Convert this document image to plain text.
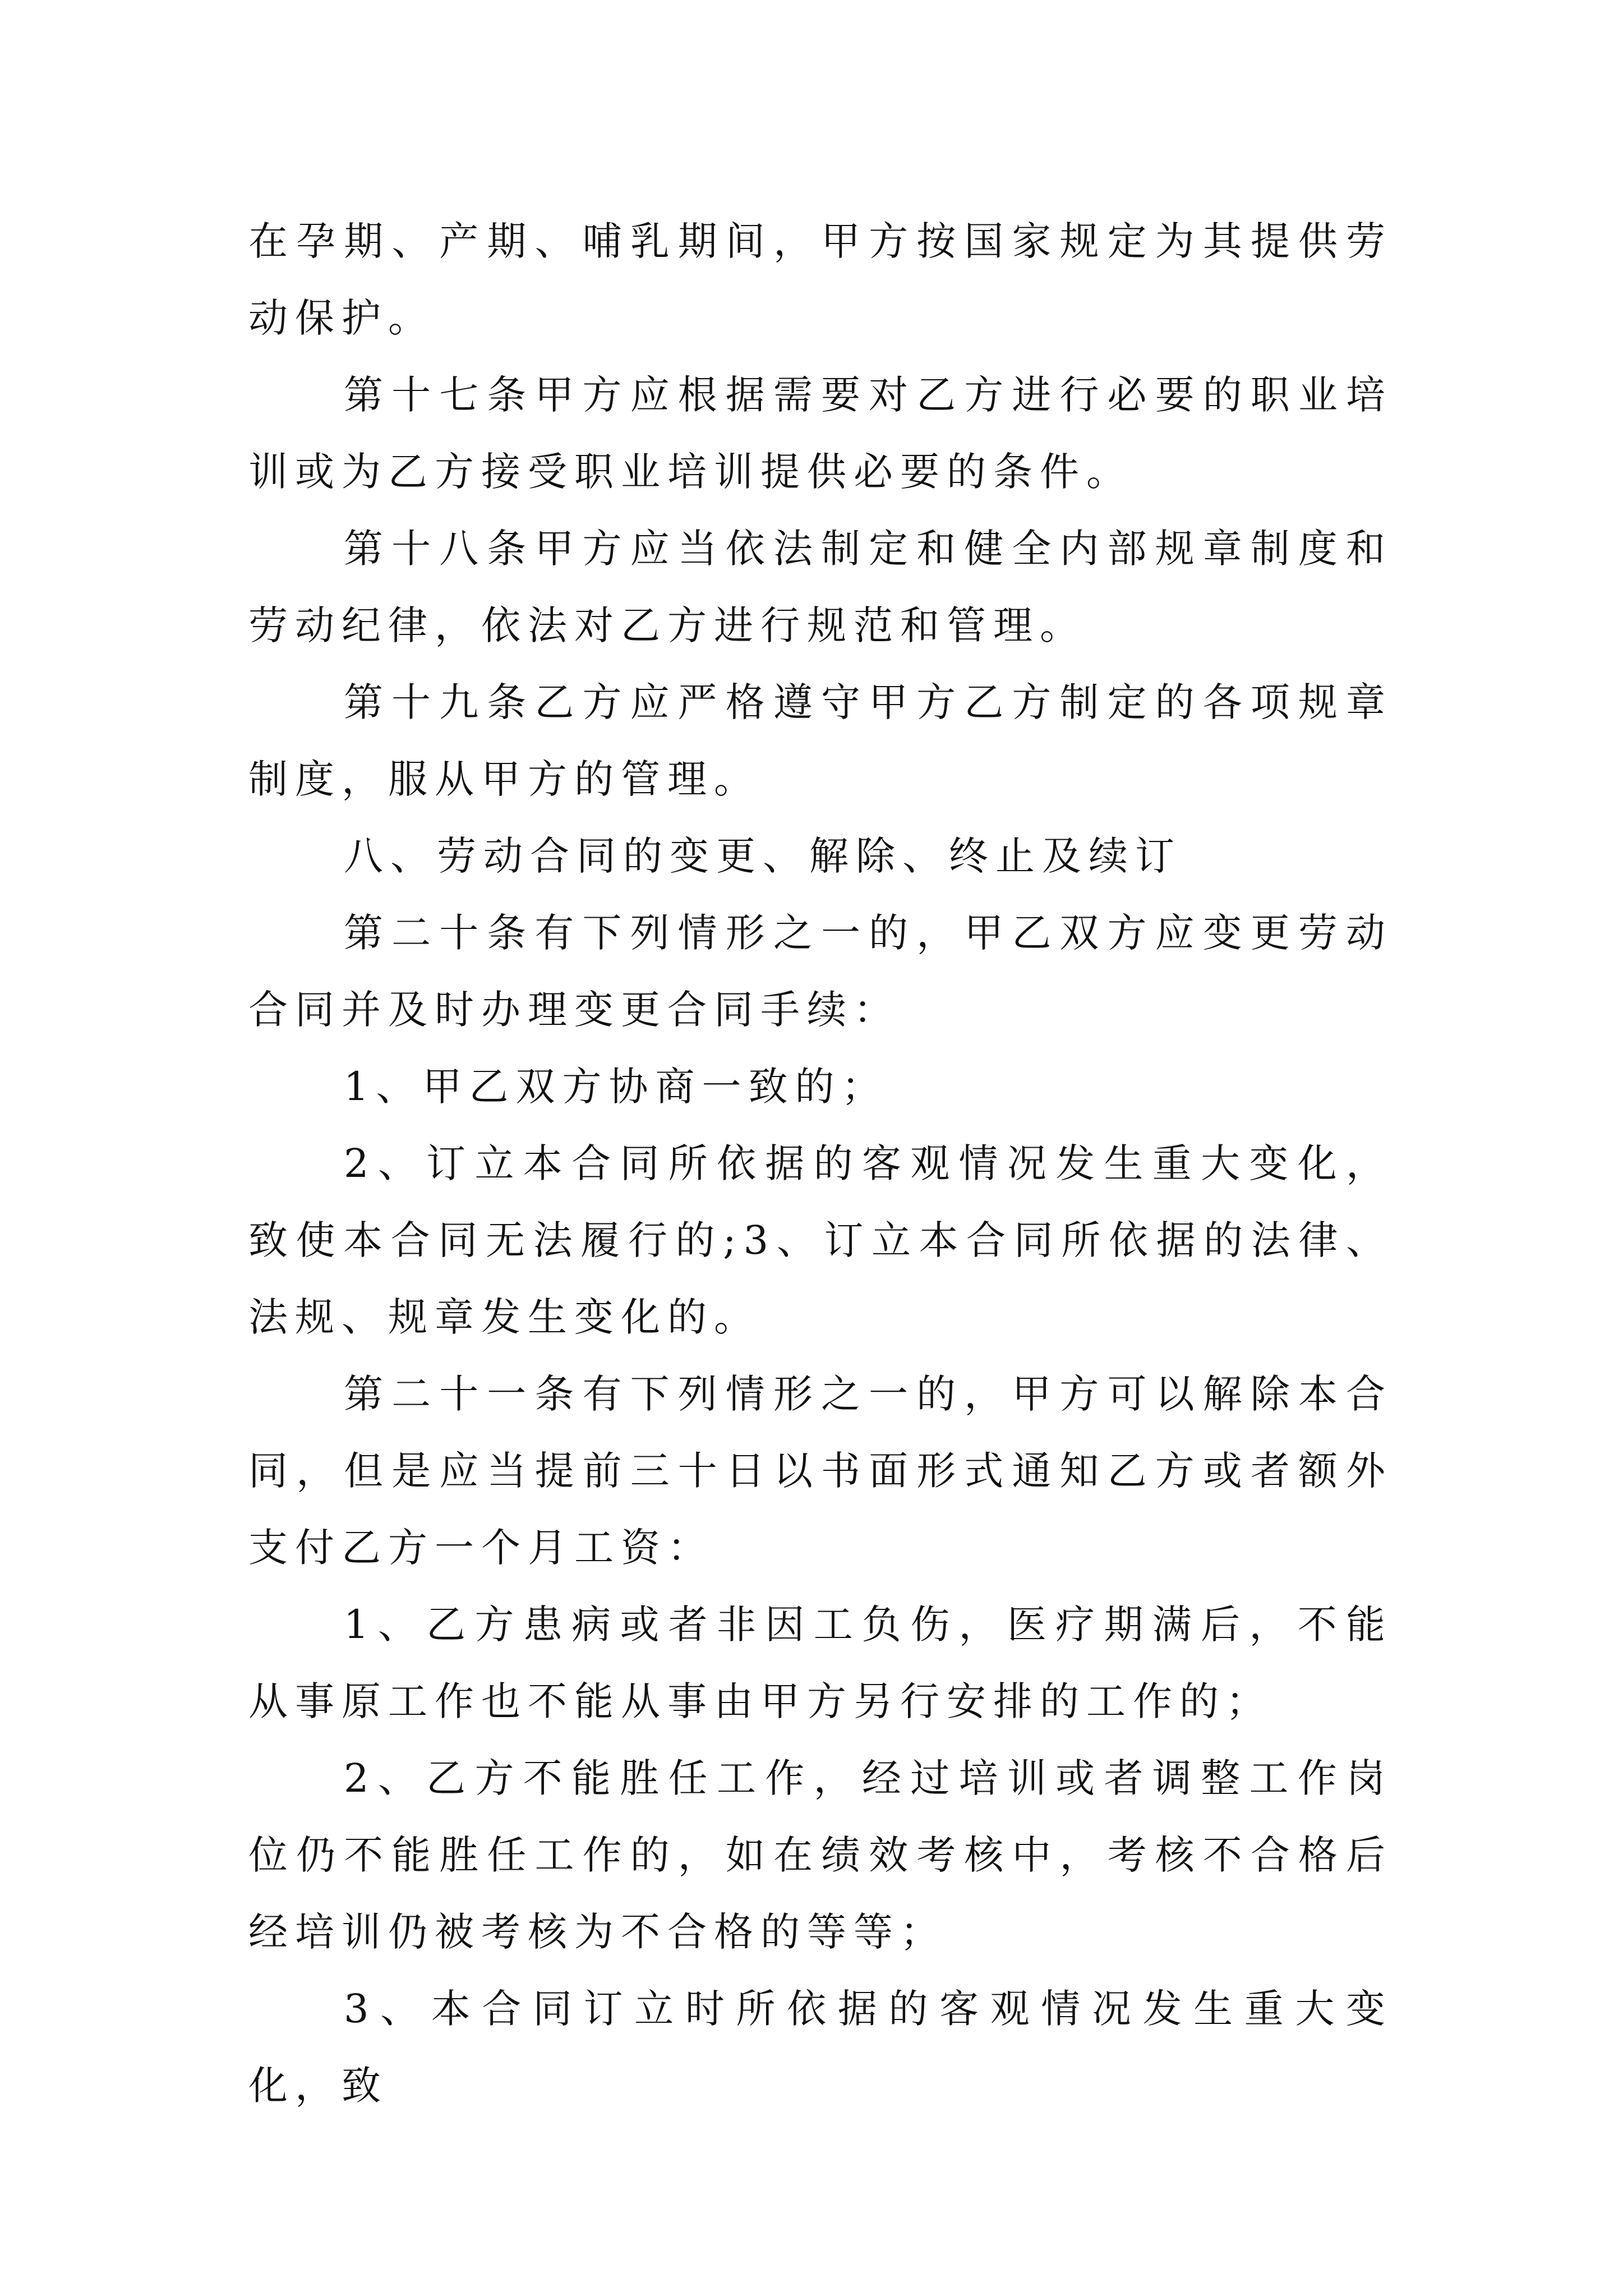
在孕期、产期、哺乳期间，甲方按国家规定为其提供劳动保护。

第十七条甲方应根据需要对乙方进行必要的职业培训或为乙方接受职业培训提供必要的条件。

第十八条甲方应当依法制定和健全内部规章制度和劳动纪律，依法对乙方进行规范和管理。

第十九条乙方应严格遵守甲方乙方制定的各项规章制度，服从甲方的管理。

八、劳动合同的变更、解除、终止及续订

第二十条有下列情形之一的，甲乙双方应变更劳动合同并及时办理变更合同手续：

1、甲乙双方协商一致的；

2、订立本合同所依据的客观情况发生重大变化，致使本合同无法履行的;3、订立本合同所依据的法律、法规、规章发生变化的。

第二十一条有下列情形之一的，甲方可以解除本合同，但是应当提前三十日以书面形式通知乙方或者额外支付乙方一个月工资：

1、乙方患病或者非因工负伤，医疗期满后，不能从事原工作也不能从事由甲方另行安排的工作的；

2、乙方不能胜任工作，经过培训或者调整工作岗位仍不能胜任工作的，如在绩效考核中，考核不合格后经培训仍被考核为不合格的等等；

3、本合同订立时所依据的客观情况发生重大变化，致
